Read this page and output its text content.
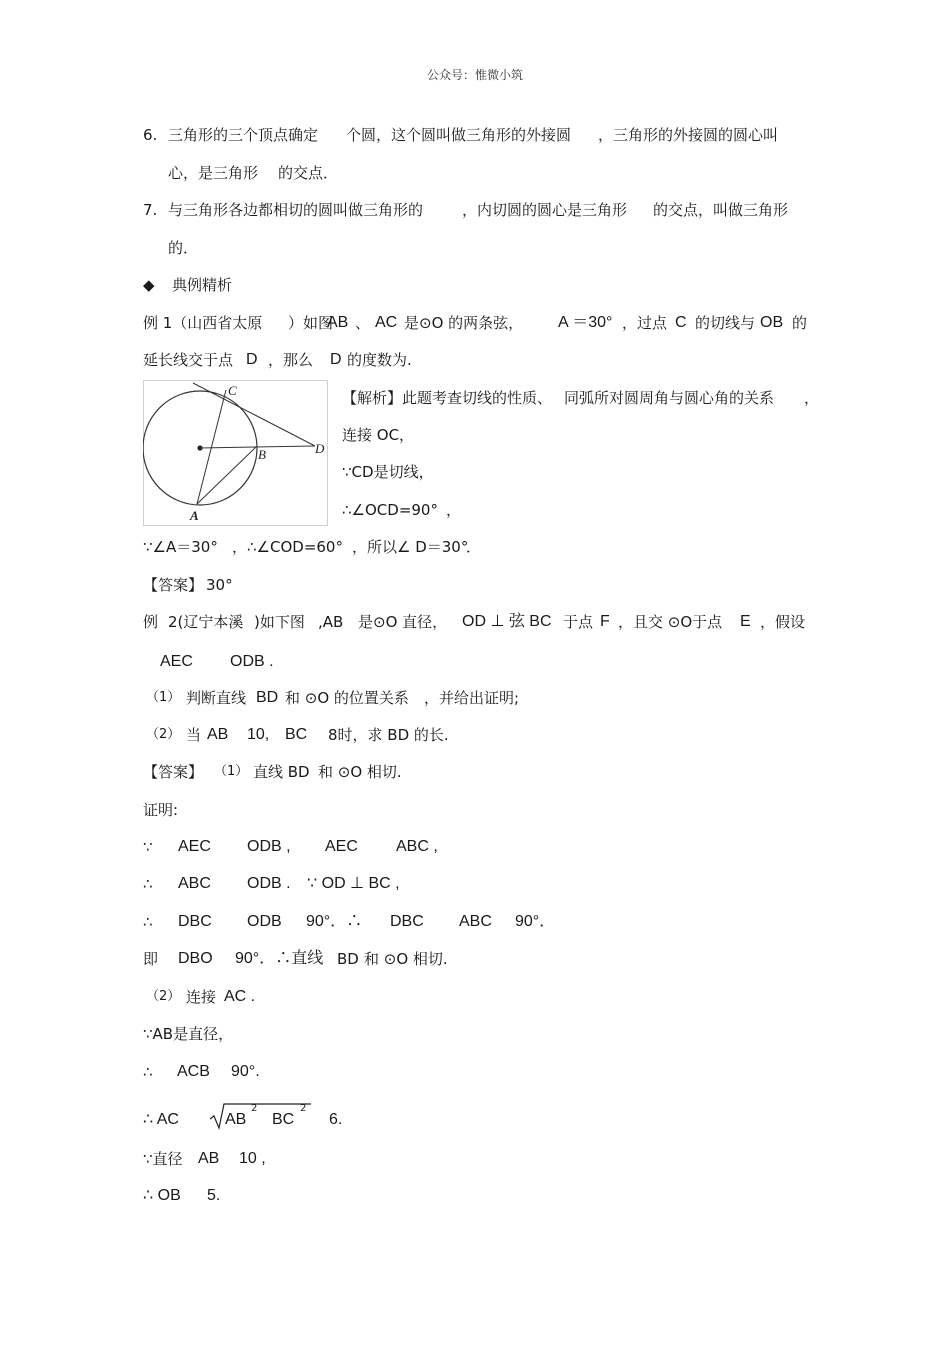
公众号：惟微小筑
6. 三角形的三个顶点确定 个圆，这个圆叫做三角形的外接圆 ，三角形的外接圆的圆心叫
心，是三角形 的交点．
7. 与三角形各边都相切的圆叫做三角形的	，内切圆的圆心是三角形 的交点，叫做三角形
的．
◆ 典例精析
例 1（山西省太原 ）如图
AB 、 AC 是⊙O 的两条弦， A ＝30° ，过点 C 的切线与 OB 的
延长线交于点 D ，那么 D 的度数为.
C
D
B
A
【解析】此题考查切线的性质、 同弧所对圆周角与圆心角的关系 ，
连接 OC，
∵CD是切线，
∴∠OCD=90° ，
∵∠A＝30° ，∴∠COD=60° ，所以∠ D＝30°
．
【答案】 30°
例 2(辽宁本溪 )如下图 ,AB 是⊙O 直径， OD ⊥ 弦 BC 于点 F ，且交 ⊙O于点 E ，假设
AEC ODB .
（1） 判断直线 BD 和 ⊙O 的位置关系 ，并给出证明;
（2） 当 AB 10, BC 8时，求 BD 的长.
【答案】 （1） 直线 BD 和 ⊙O 相切.
证明:
∵ AEC ODB , AEC ABC ,
∴ ABC ODB . ∵ OD ⊥ BC ,
∴ DBC ODB 90°．∴ DBC ABC 90°．
即 DBO 90°．∴直线 BD 和 ⊙O 相切.
（2） 连接 AC .
∵AB是直径，
∴ ACB 90°.
∴ AC	AB BC 6.
2	2
∵直径 AB 10 ,
∴ OB 5.
